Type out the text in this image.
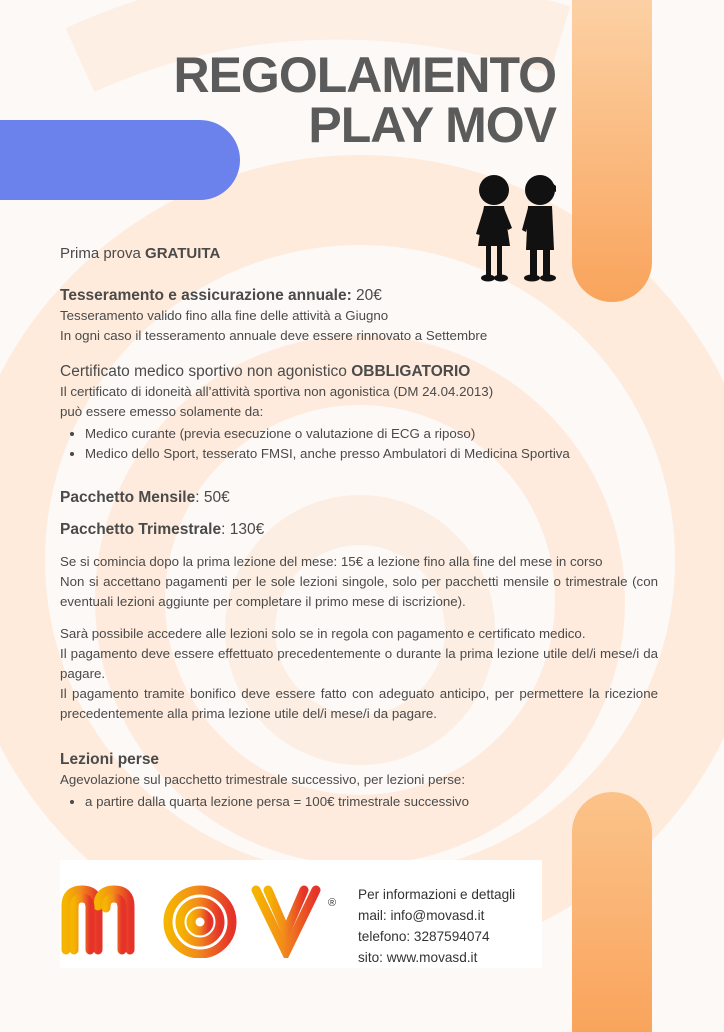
REGOLAMENTO
PLAY MOV

Prima prova GRATUITA

Tesseramento e assicurazione annuale: 20€

Tesseramento valido fino alla fine delle attività a Giugno

In ogni caso il tesseramento annuale deve essere rinnovato a Settembre

Certificato medico sportivo non agonistico OBBLIGATORIO

Il certificato di idoneità all’attività sportiva non agonistica (DM 24.04.2013)

può essere emesso solamente da:

• Medico curante (previa esecuzione o valutazione di ECG a riposo)
• Medico dello Sport, tesserato FMSI, anche presso Ambulatori di Medicina Sportiva

Pacchetto Mensile: 50€

Pacchetto Trimestrale: 130€

Se si comincia dopo la prima lezione del mese: 15€ a lezione fino alla fine del mese in corso

Non si accettano pagamenti per le sole lezioni singole, solo per pacchetti mensile o trimestrale (con eventuali lezioni aggiunte per completare il primo mese di iscrizione).

Sarà possibile accedere alle lezioni solo se in regola con pagamento e certificato medico.

Il pagamento deve essere effettuato precedentemente o durante la prima lezione utile del/i mese/i da pagare.

Il pagamento tramite bonifico deve essere fatto con adeguato anticipo, per permettere la ricezione precedentemente alla prima lezione utile del/i mese/i da pagare.

Lezioni perse

Agevolazione sul pacchetto trimestrale successivo, per lezioni perse:

• a partire dalla quarta lezione persa = 100€ trimestrale successivo
®
Per informazioni e dettagli
mail: info@movasd.it
telefono: 3287594074
sito: www.movasd.it
